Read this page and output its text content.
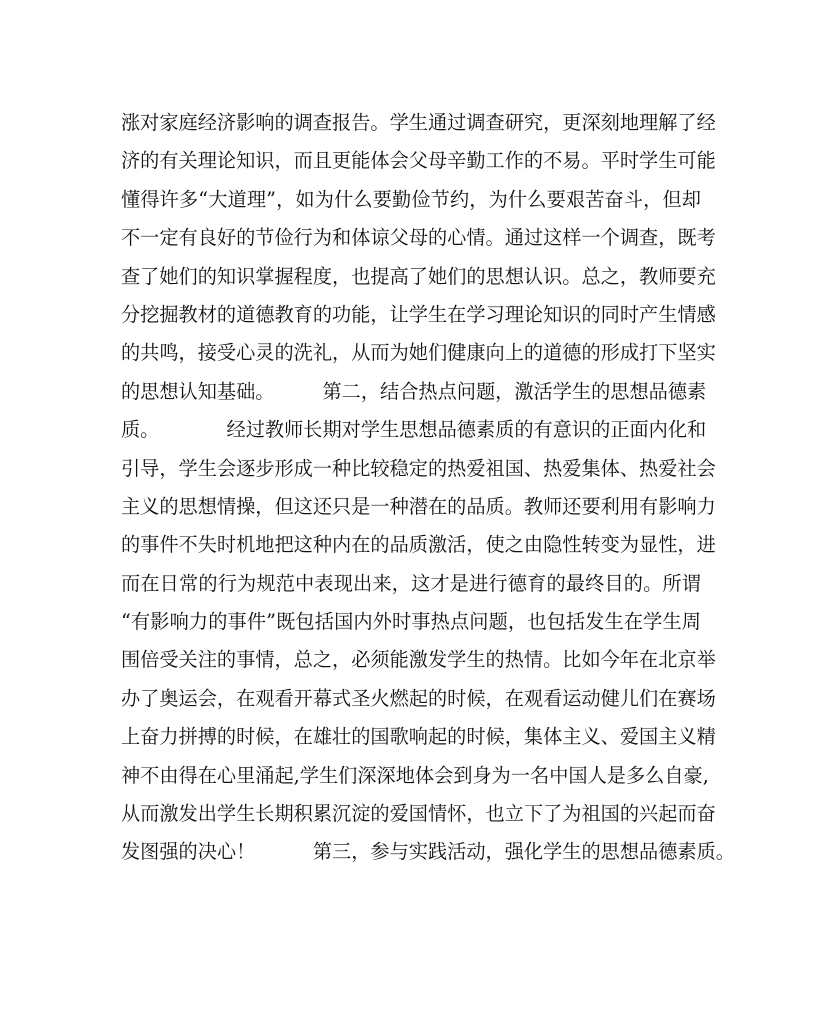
涨对家庭经济影响的调查报告。学生通过调查研究，更深刻地理解了经
济的有关理论知识，而且更能体会父母辛勤工作的不易。平时学生可能
懂得许多“大道理”，如为什么要勤俭节约，为什么要艰苦奋斗，但却
不一定有良好的节俭行为和体谅父母的心情。通过这样一个调查，既考
查了她们的知识掌握程度，也提高了她们的思想认识。总之，教师要充
分挖掘教材的道德教育的功能，让学生在学习理论知识的同时产生情感
的共鸣，接受心灵的洗礼，从而为她们健康向上的道德的形成打下坚实
的思想认知基础。　　　第二，结合热点问题，激活学生的思想品德素
质。　　　　经过教师长期对学生思想品德素质的有意识的正面内化和
引导，学生会逐步形成一种比较稳定的热爱祖国、热爱集体、热爱社会
主义的思想情操，但这还只是一种潜在的品质。教师还要利用有影响力
的事件不失时机地把这种内在的品质激活，使之由隐性转变为显性，进
而在日常的行为规范中表现出来，这才是进行德育的最终目的。所谓
“有影响力的事件”既包括国内外时事热点问题，也包括发生在学生周
围倍受关注的事情，总之，必须能激发学生的热情。比如今年在北京举
办了奥运会，在观看开幕式圣火燃起的时候，在观看运动健儿们在赛场
上奋力拼搏的时候，在雄壮的国歌响起的时候，集体主义、爱国主义精
神不由得在心里涌起,学生们深深地体会到身为一名中国人是多么自豪,
从而激发出学生长期积累沉淀的爱国情怀，也立下了为祖国的兴起而奋
发图强的决心！　　　第三，参与实践活动，强化学生的思想品德素质。
